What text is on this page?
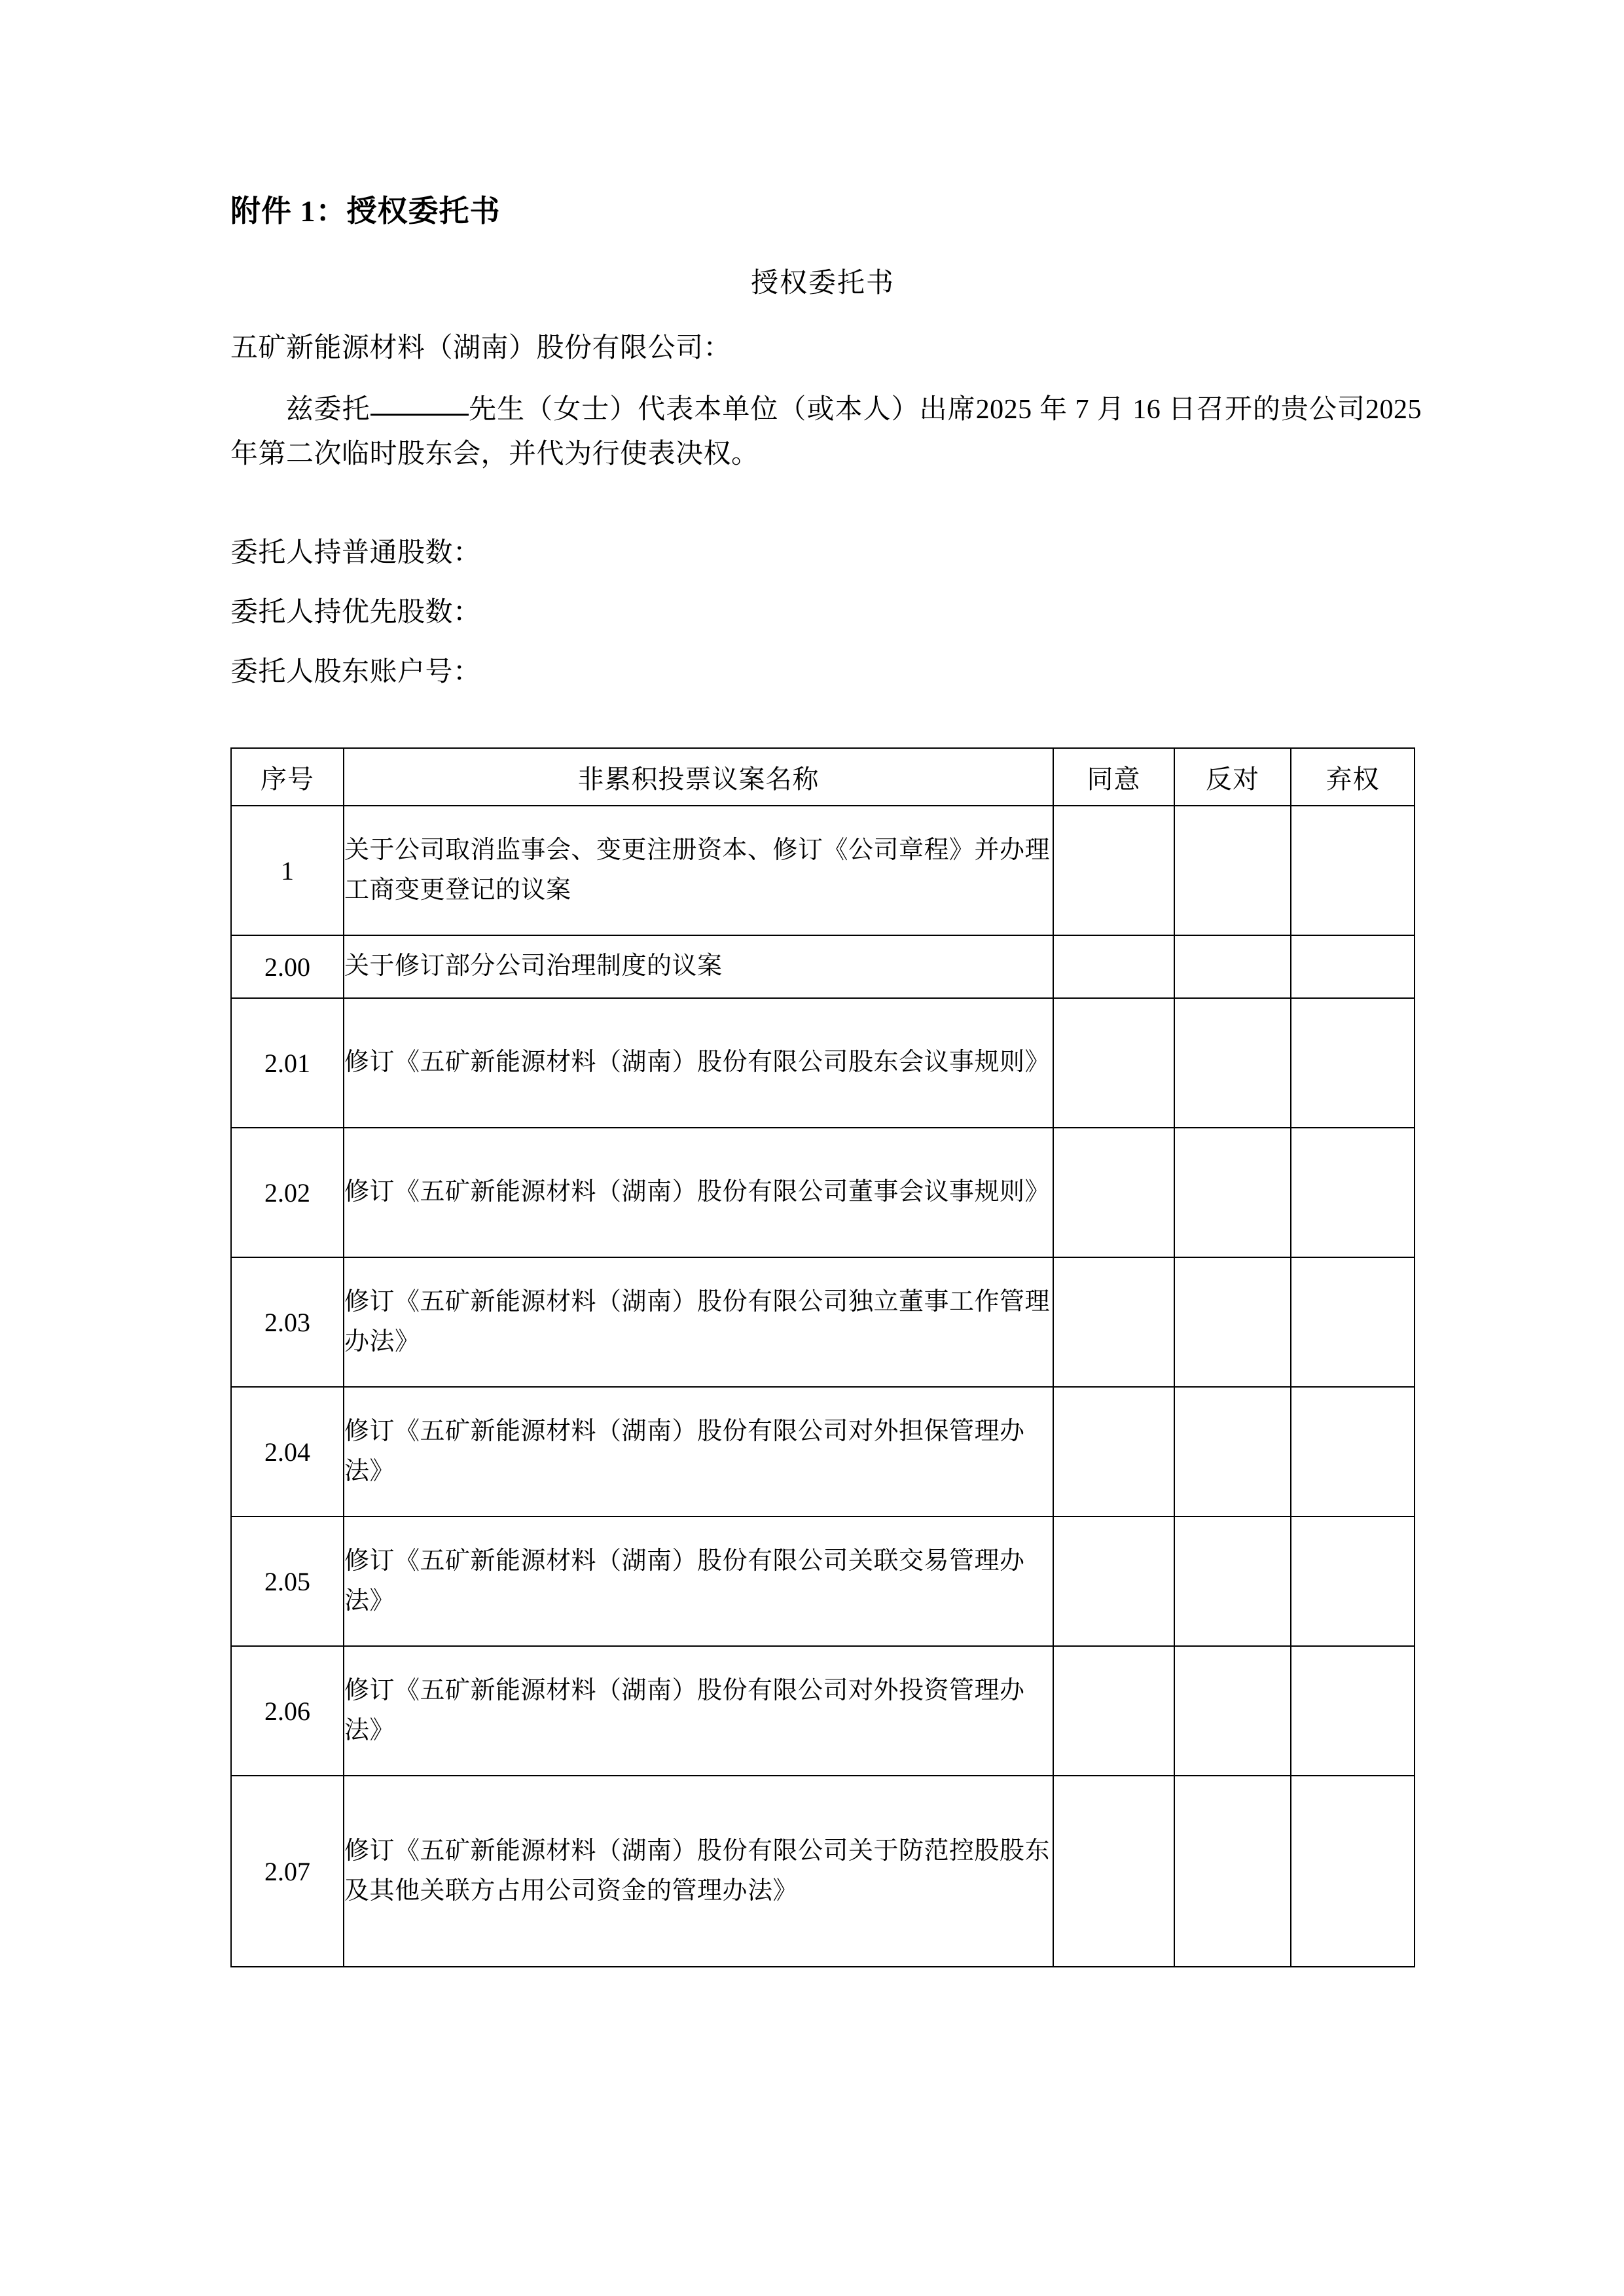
附件 1：授权委托书
授权委托书

五矿新能源材料（湖南）股份有限公司：

兹委托	先生（女士）代表本单位（或本人）出席2025 年 7 月 16 日召开的贵公司2025年第二次临时股东会，并代为行使表决权。

委托人持普通股数：
委托人持优先股数：
委托人股东账户号：
序号	非累积投票议案名称	同意	反对	弃权
1	关于公司取消监事会、变更注册资本、修订《公司章程》并办理工商变更登记的议案			
2.00	关于修订部分公司治理制度的议案			
2.01	修订《五矿新能源材料（湖南）股份有限公司股东会议事规则》			
2.02	修订《五矿新能源材料（湖南）股份有限公司董事会议事规则》			
2.03	修订《五矿新能源材料（湖南）股份有限公司独立董事工作管理办法》			
2.04	修订《五矿新能源材料（湖南）股份有限公司对外担保管理办法》			
2.05	修订《五矿新能源材料（湖南）股份有限公司关联交易管理办法》			
2.06	修订《五矿新能源材料（湖南）股份有限公司对外投资管理办法》			
2.07	修订《五矿新能源材料（湖南）股份有限公司关于防范控股股东及其他关联方占用公司资金的管理办法》			
